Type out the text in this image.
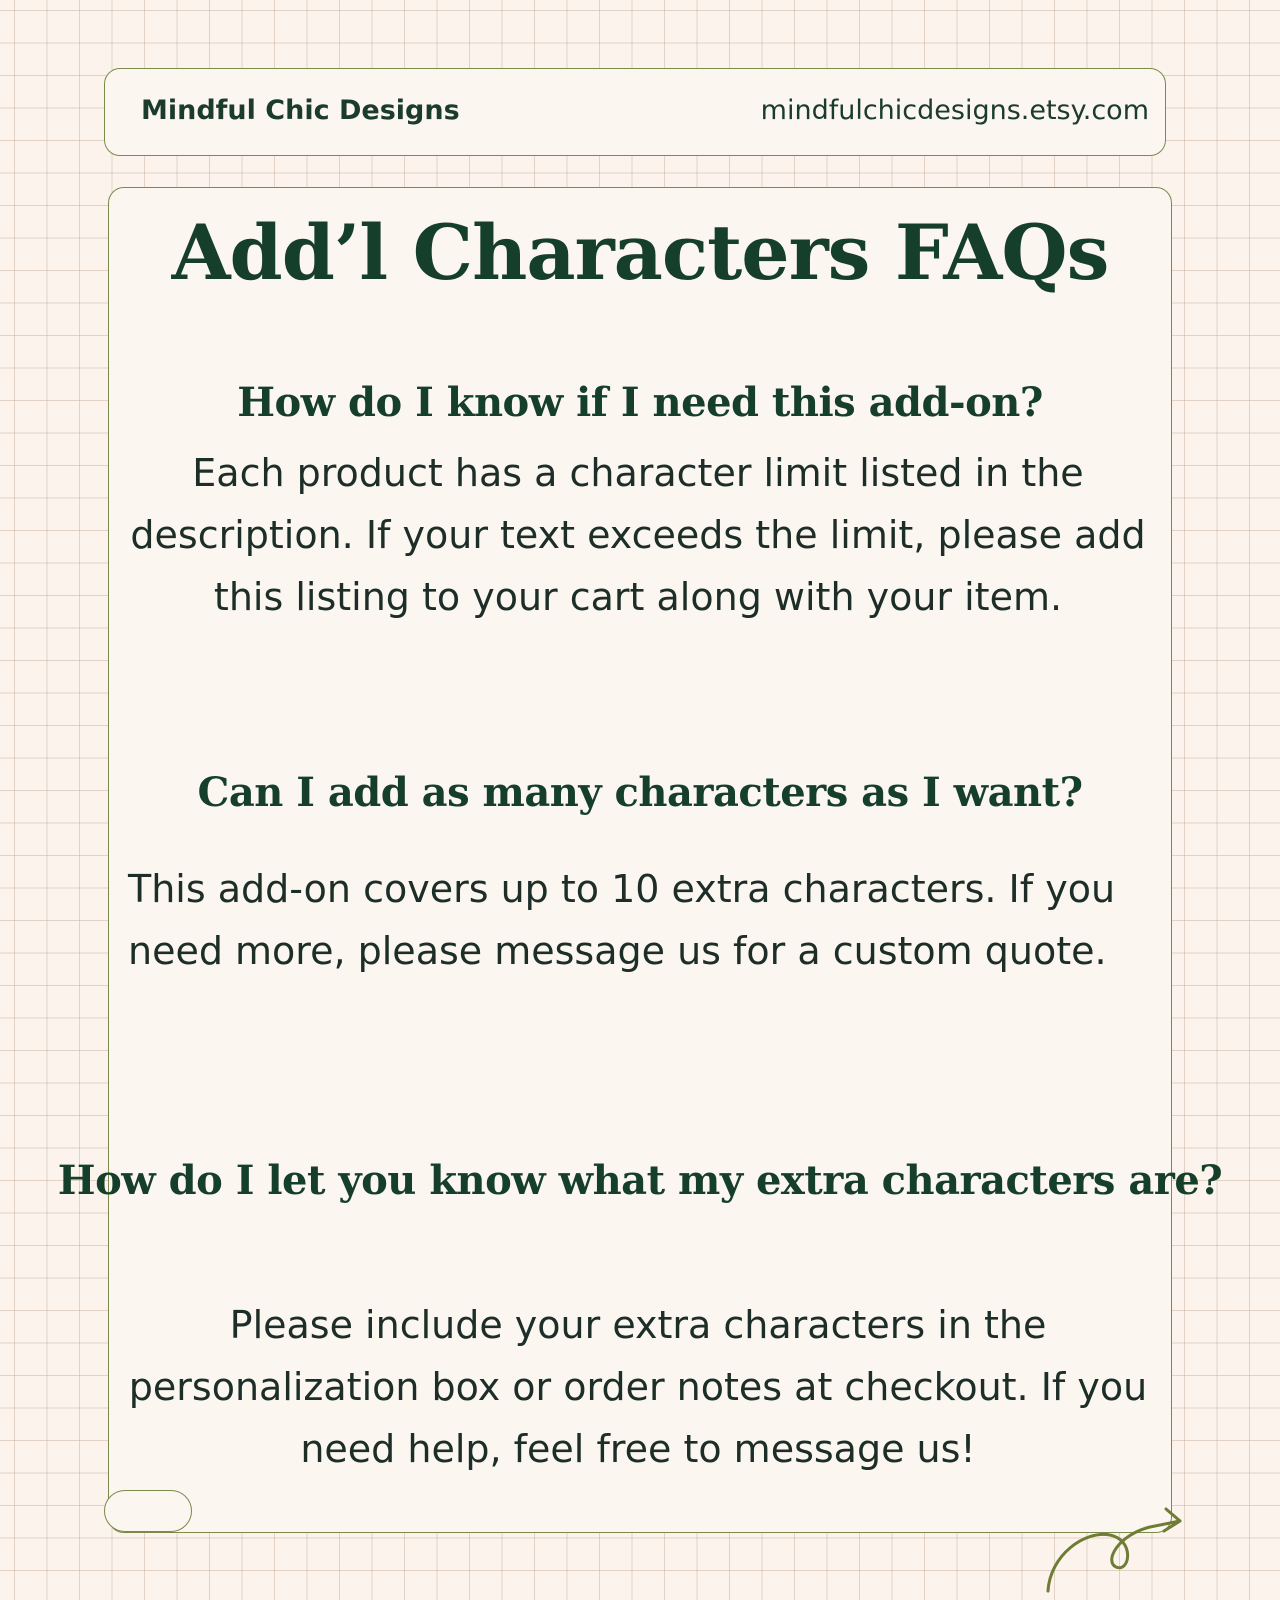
Mindful Chic Designs	mindfulchicdesigns.etsy.com
Add’l Characters FAQs
How do I know if I need this add-on?

Each product has a character limit listed in the description. If your text exceeds the limit, please add this listing to your cart along with your item.

Can I add as many characters as I want?

This add-on covers up to 10 extra characters. If you need more, please message us for a custom quote.

How do I let you know what my extra characters are?

Please include your extra characters in the personalization box or order notes at checkout. If you need help, feel free to message us!
